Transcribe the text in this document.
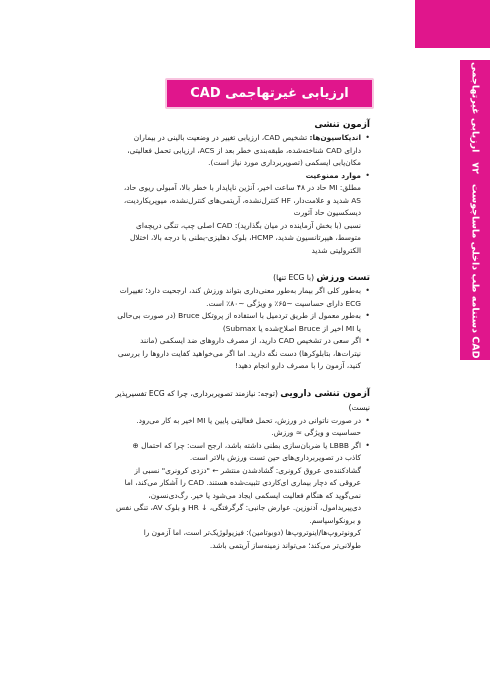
دستنامه طب داخلی ماساچوست   ۷۲   ارزیابی غیرتهاجمی CAD
ارزیابی غیرتهاجمی CAD
آزمون تنشی

• اندیکاسیون‌ها: تشخیص CAD، ارزیابی تغییر در وضعیت بالینی در بیماران دارای CAD شناخته‌شده، طبقه‌بندی خطر بعد از ACS، ارزیابی تحمل فعالیتی، مکان‌یابی ایسکمی (تصویربرداری مورد نیاز است).

• موارد ممنوعیت

مطلق: MI حاد در ۴۸ ساعت اخیر، آنژین ناپایدار با خطر بالا، آمبولی ریوی حاد، AS شدید و علامت‌دار، HF کنترل‌نشده، آریتمی‌های کنترل‌نشده، میوپریکاردیت، دیسکسیون حاد آئورت

نسبی (با بخش آزماینده در میان بگذارید): CAD اصلی چپ، تنگی دریچه‌ای متوسط، هیپرتانسیون شدید، HCMP، بلوک دهلیزی-بطنی با درجه بالا، اختلال الکترولیتی شدید

تست ورزش (با ECG تنها)

• به‌طور کلی اگر بیمار به‌طور معنی‌داری بتواند ورزش کند، ارجحیت دارد؛ تغییرات ECG دارای حساسیت ~۶۵٪ و ویژگی ~۸۰٪ است.

• به‌طور معمول از طریق تردمیل با استفاده از پروتکل Bruce (در صورت بی‌حالی یا MI اخیر از Bruce اصلاح‌شده یا Submax)

• اگر سعی در تشخیص CAD دارید، از مصرف داروهای ضد ایسکمی (مانند نیترات‌ها، بتابلوکرها) دست نگه دارید. اما اگر می‌خواهید کفایت داروها را بررسی کنید، آزمون را با مصرف دارو انجام دهید!

آزمون تنشی دارویی (توجه: نیازمند تصویربرداری، چرا که ECG تفسیرپذیر نیست)

• در صورت ناتوانی در ورزش، تحمل فعالیتی پایین یا MI اخیر به کار می‌رود. حساسیت و ویژگی ≈ ورزش.

• اگر LBBB یا ضربان‌سازی بطنی داشته باشد، ارجح است: چرا که احتمال ⊕ کاذب در تصویربرداری‌های حین تست ورزش بالاتر است.

گشادکننده‌ی عروق کرونری: گشادشدن منتشر ← "دزدی کرونری" نسبی از عروقی که دچار بیماری ای‌کاردی تثبیت‌شده هستند. CAD را آشکار می‌کند، اما نمی‌گوید که هنگام فعالیت ایسکمی ایجاد می‌شود یا خیر. رگ‌دی‌نسون، دی‌پیریدامول، آدنوزین. عوارض جانبی: گرگرفتگی، ↓ HR و بلوک AV، تنگی نفس و برونکواسپاسم.

کرونوتروپ‌ها/اینوتروپ‌ها (دوبوتامین): فیزیولوژیک‌تر است، اما آزمون را طولانی‌تر می‌کند؛ می‌تواند زمینه‌ساز آریتمی باشد.
